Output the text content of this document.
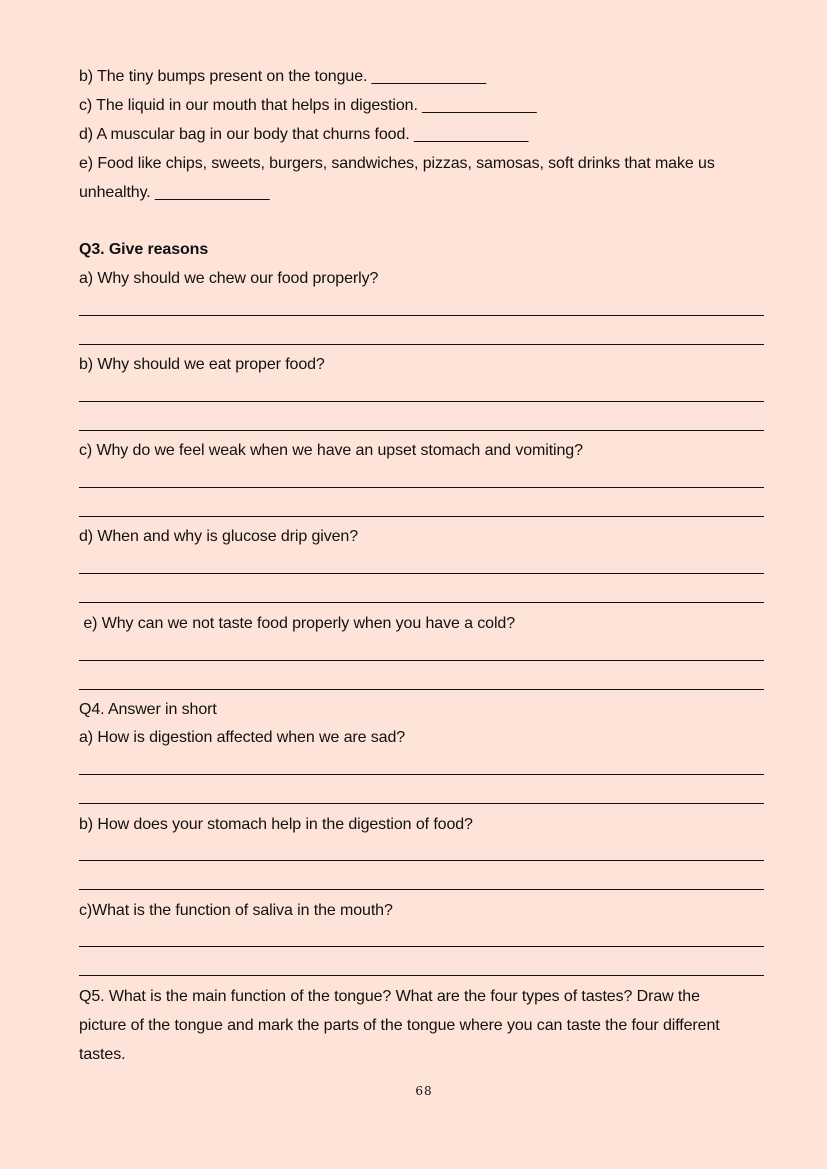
b) The tiny bumps present on the tongue. _____________
c) The liquid in our mouth that helps in digestion. _____________
d) A muscular bag in our body that churns food. _____________
e) Food like chips, sweets, burgers, sandwiches, pizzas, samosas, soft drinks that make us
unhealthy. _____________
Q3. Give reasons
a) Why should we chew our food properly?
b) Why should we eat proper food?
c) Why do we feel weak when we have an upset stomach and vomiting?
d) When and why is glucose drip given?
e) Why can we not taste food properly when you have a cold?
Q4. Answer in short
a) How is digestion affected when we are sad?
b) How does your stomach help in the digestion of food?
c)What is the function of saliva in the mouth?
Q5. What is the main function of the tongue? What are the four types of tastes? Draw the
picture of the tongue and mark the parts of the tongue where you can taste the four different
tastes.
68
